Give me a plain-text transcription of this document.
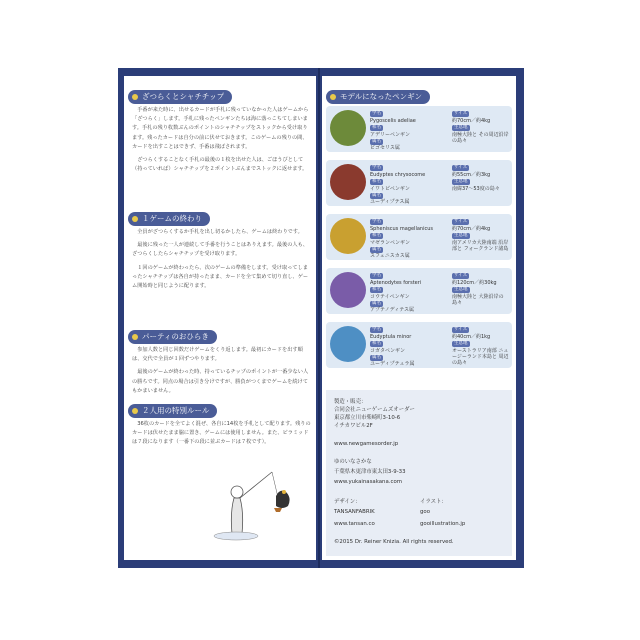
ざつらくとシャチチップ

手番が来た時に、出せるカードが手札に残っていなかった人はゲームから「ざつらく」します。手札に残ったペンギンたちは海に落っこちてしまいます。手札の残り枚数ぶんのポイントのシャチチップをストックから受け取ります。残ったカードは自分の前に伏せておきます。このゲームの残りの間、カードを出すことはできず、手番は飛ばされます。

ざつらくすることなく手札の最後の１枚を出せた人は、ごほうびとして（持っていれば）シャチチップを２ポイントぶんまでストックに返せます。

１ゲームの終わり

全員がざつらくするか手札を出し切るかしたら、ゲームは終わりです。

最後に残った一人が連続して手番を行うことはありえます。最後の人も、ざつらくしたらシャチチップを受け取ります。

１回のゲームが終わったら、次のゲームの準備をします。受け取ってしまったシャチチップは各自が持ったまま、カードを全て集めて切り直し、ゲーム開始時と同じように配ります。

パーティのおひらき

参加人数と同じ回数だけゲームをくり返します。最初にカードを出す順は、交代で全員が１回ずつやります。

最後のゲームが終わった時、持っているチップのポイントが一番少ない人の勝ちです。同点の場合は引き分けですが、勝負がつくまでゲームを続けてもかまいません。

２人用の特別ルール

36枚のカードを全てよく混ぜ、各自に14枚を手札として配ります。残りのカードは伏せたまま脇に置き、ゲームには使用しません。また、ピラミッドは７段になります（一番下の段に並ぶカードは７枚です）。

モデルになったペンギン
学名
Pygoscelis adeliae
和名
アデリーペンギン
属名
ピゴセリス属
サイズ
約70cm／約4kg
生息地
南極大陸と その周辺沿岸の島々
学名
Eudyptes chrysocome
和名
イワトビペンギン
属名
ユーディプテス属
サイズ
約55cm／約3kg
生息地
南緯37〜53度の島々
学名
Spheniscus magellanicus
和名
マゼランペンギン
属名
スフェニスカス属
サイズ
約70cm／約4kg
生息地
南アメリカ大陸南端 沿岸部と フォークランド諸島
学名
Aptenodytes forsteri
和名
コウテイペンギン
属名
アプテノディテス属
サイズ
約120cm／約30kg
生息地
南極大陸と 大陸沿岸の島々
学名
Eudyptula minor
和名
コガタペンギン
属名
ユーディプテュラ属
サイズ
約40cm／約1kg
生息地
オーストラリア南部 ニュージーランド本島と 周辺の島々
製造・販売：
合同会社ニューゲームズオーダー
東京都立川市柴崎町3-10-6
イチカワビル2F
www.newgamesorder.jp
ゆのいなさかな
千葉県木更津市東太田3-9-33
www.yukainasakana.com
デザイン：	イラスト：
TANSANFABRIK	goo
www.tansan.co	gooillustration.jp
©2015 Dr. Reiner Knizia. All rights reserved.
